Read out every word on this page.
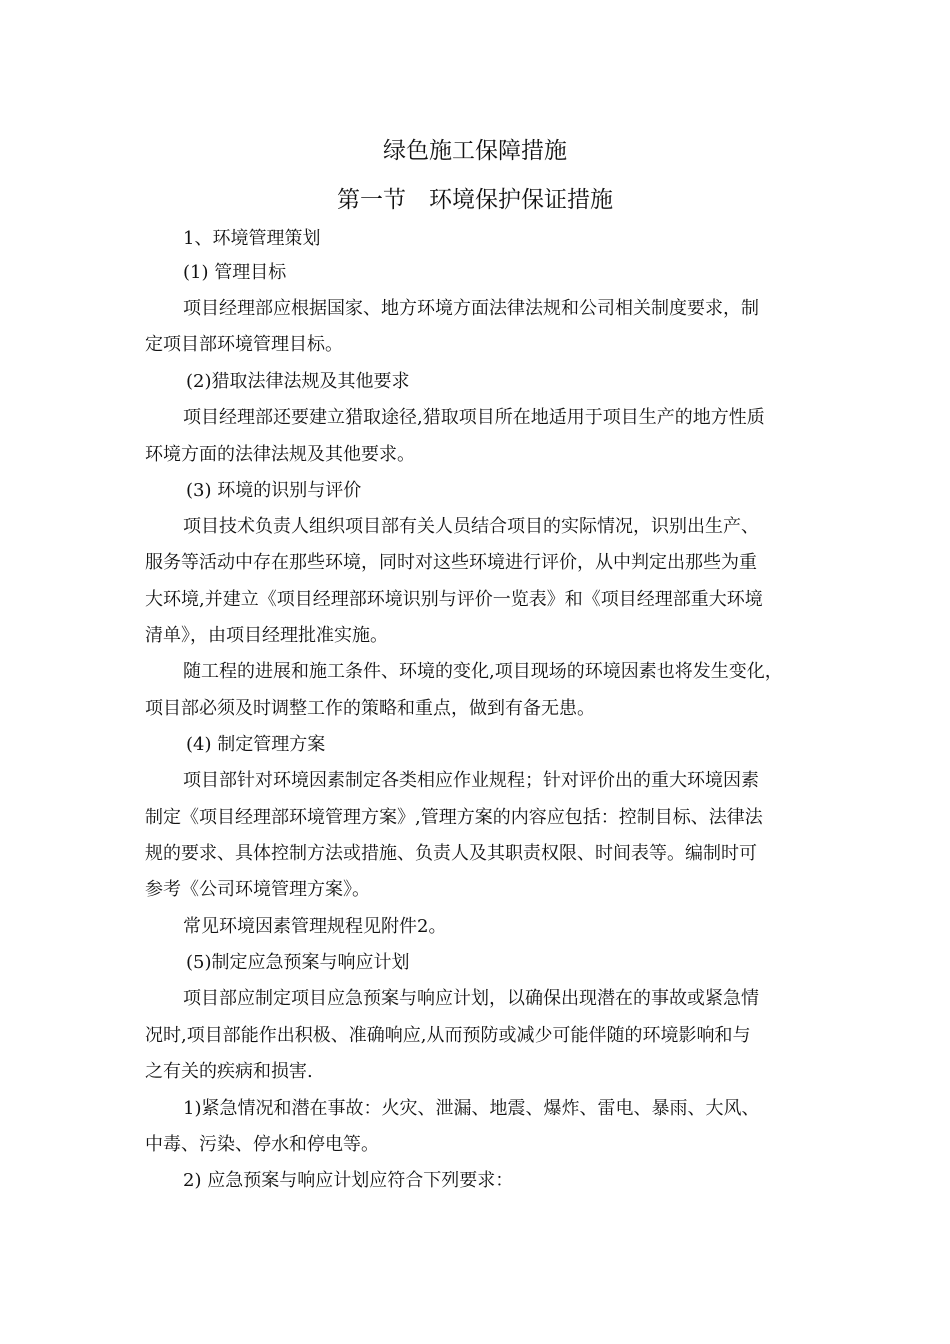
绿色施工保障措施
第一节　环境保护保证措施
1、环境管理策划
(1) 管理目标
项目经理部应根据国家、地方环境方面法律法规和公司相关制度要求，制
定项目部环境管理目标。
(2)猎取法律法规及其他要求
项目经理部还要建立猎取途径,猎取项目所在地适用于项目生产的地方性质
环境方面的法律法规及其他要求。
(3) 环境的识别与评价
项目技术负责人组织项目部有关人员结合项目的实际情况，识别出生产、
服务等活动中存在那些环境，同时对这些环境进行评价，从中判定出那些为重
大环境,并建立《项目经理部环境识别与评价一览表》和《项目经理部重大环境
清单》，由项目经理批准实施。
随工程的进展和施工条件、环境的变化,项目现场的环境因素也将发生变化，
项目部必须及时调整工作的策略和重点，做到有备无患。
(4) 制定管理方案
项目部针对环境因素制定各类相应作业规程；针对评价出的重大环境因素
制定《项目经理部环境管理方案》,管理方案的内容应包括：控制目标、法律法
规的要求、具体控制方法或措施、负责人及其职责权限、时间表等。编制时可
参考《公司环境管理方案》。
常见环境因素管理规程见附件2。
(5)制定应急预案与响应计划
项目部应制定项目应急预案与响应计划，以确保出现潜在的事故或紧急情
况时,项目部能作出积极、准确响应,从而预防或减少可能伴随的环境影响和与
之有关的疾病和损害.
1)紧急情况和潜在事故：火灾、泄漏、地震、爆炸、雷电、暴雨、大风、
中毒、污染、停水和停电等。
2) 应急预案与响应计划应符合下列要求：
